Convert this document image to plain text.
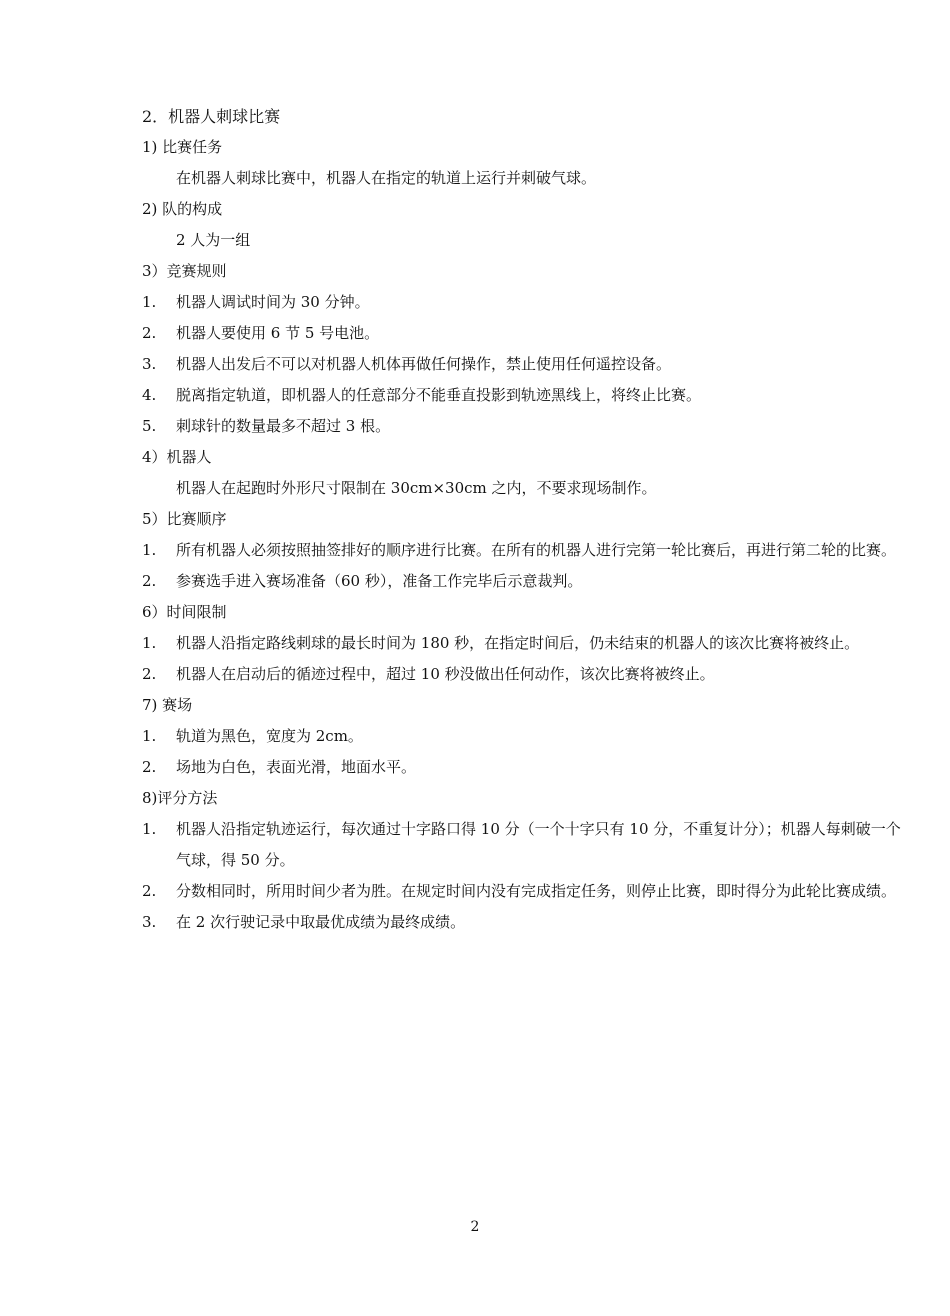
2．机器人刺球比赛
1) 比赛任务
在机器人刺球比赛中，机器人在指定的轨道上运行并刺破气球。
2) 队的构成
2 人为一组
3）竞赛规则
1.	机器人调试时间为 30 分钟。
2.	机器人要使用 6 节 5 号电池。
3.	机器人出发后不可以对机器人机体再做任何操作，禁止使用任何遥控设备。
4.	脱离指定轨道，即机器人的任意部分不能垂直投影到轨迹黑线上，将终止比赛。
5.	刺球针的数量最多不超过 3 根。
4）机器人
机器人在起跑时外形尺寸限制在 30cm×30cm 之内，不要求现场制作。
5）比赛顺序
1.	所有机器人必须按照抽签排好的顺序进行比赛。在所有的机器人进行完第一轮比赛后，再进行第二轮的比赛。
2.	参赛选手进入赛场准备（60 秒），准备工作完毕后示意裁判。
6）时间限制
1.	机器人沿指定路线刺球的最长时间为 180 秒，在指定时间后，仍未结束的机器人的该次比赛将被终止。
2.	机器人在启动后的循迹过程中，超过 10 秒没做出任何动作，该次比赛将被终止。
7) 赛场
1.	轨道为黑色，宽度为 2cm。
2.	场地为白色，表面光滑，地面水平。
8)评分方法
1.	机器人沿指定轨迹运行，每次通过十字路口得 10 分（一个十字只有 10 分，不重复计分）；机器人每刺破一个气球，得 50 分。
2.	分数相同时，所用时间少者为胜。在规定时间内没有完成指定任务，则停止比赛，即时得分为此轮比赛成绩。
3.	在 2 次行驶记录中取最优成绩为最终成绩。
2
